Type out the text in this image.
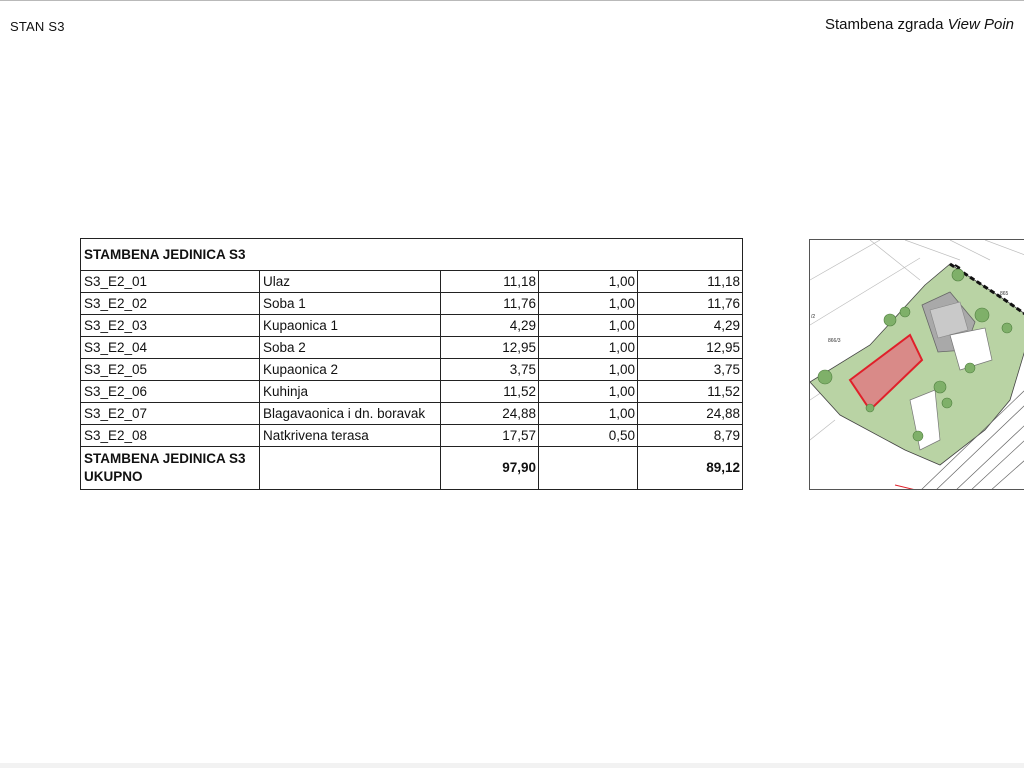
STAN S3	Stambena zgrada View Poin
STAMBENA JEDINICA S3				
S3_E2_01	Ulaz	11,18	1,00	11,18
S3_E2_02	Soba 1	11,76	1,00	11,76
S3_E2_03	Kupaonica 1	4,29	1,00	4,29
S3_E2_04	Soba 2	12,95	1,00	12,95
S3_E2_05	Kupaonica 2	3,75	1,00	3,75
S3_E2_06	Kuhinja	11,52	1,00	11,52
S3_E2_07	Blagavaonica i dn. boravak	24,88	1,00	24,88
S3_E2_08	Natkrivena terasa	17,57	0,50	8,79

STAMBENA JEDINICA S3
UKUPNO		97,90		89,12
865
866/3
/2
